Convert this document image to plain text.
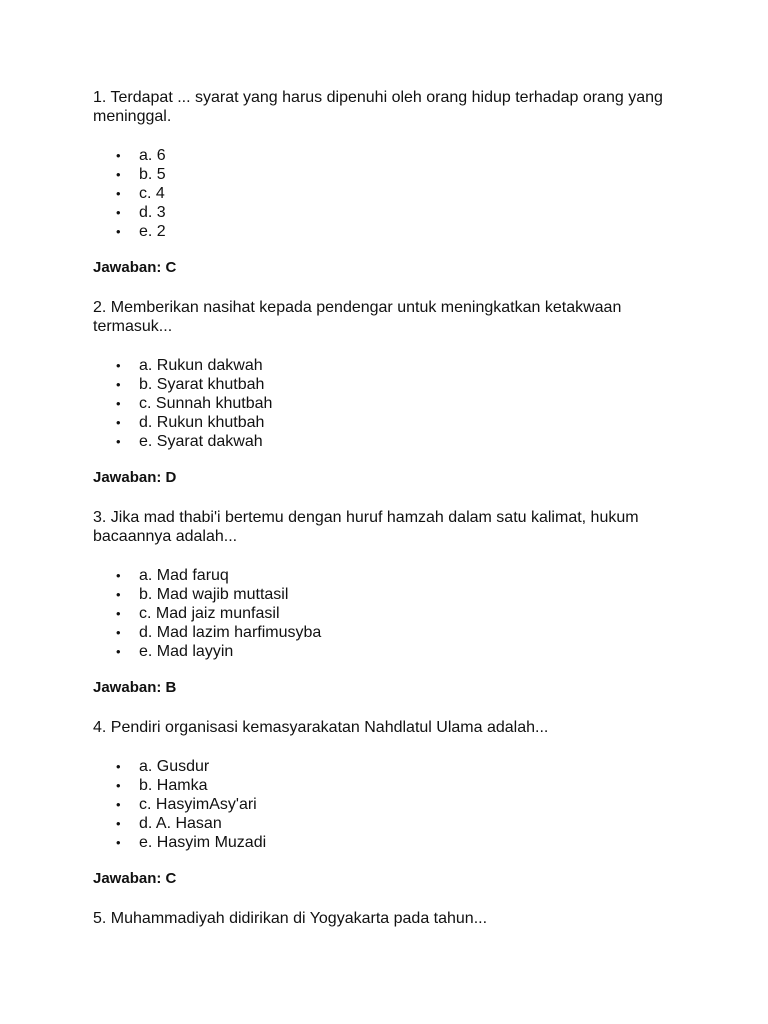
1. Terdapat ... syarat yang harus dipenuhi oleh orang hidup terhadap orang yang meninggal.

• a. 6
• b. 5
• c. 4
• d. 3
• e. 2

Jawaban: C

2. Memberikan nasihat kepada pendengar untuk meningkatkan ketakwaan termasuk...

• a. Rukun dakwah
• b. Syarat khutbah
• c. Sunnah khutbah
• d. Rukun khutbah
• e. Syarat dakwah

Jawaban: D

3. Jika mad thabi'i bertemu dengan huruf hamzah dalam satu kalimat, hukum bacaannya adalah...

• a. Mad faruq
• b. Mad wajib muttasil
• c. Mad jaiz munfasil
• d. Mad lazim harfimusyba
• e. Mad layyin

Jawaban: B

4. Pendiri organisasi kemasyarakatan Nahdlatul Ulama adalah...

• a. Gusdur
• b. Hamka
• c. HasyimAsy'ari
• d. A. Hasan
• e. Hasyim Muzadi

Jawaban: C

5. Muhammadiyah didirikan di Yogyakarta pada tahun...
